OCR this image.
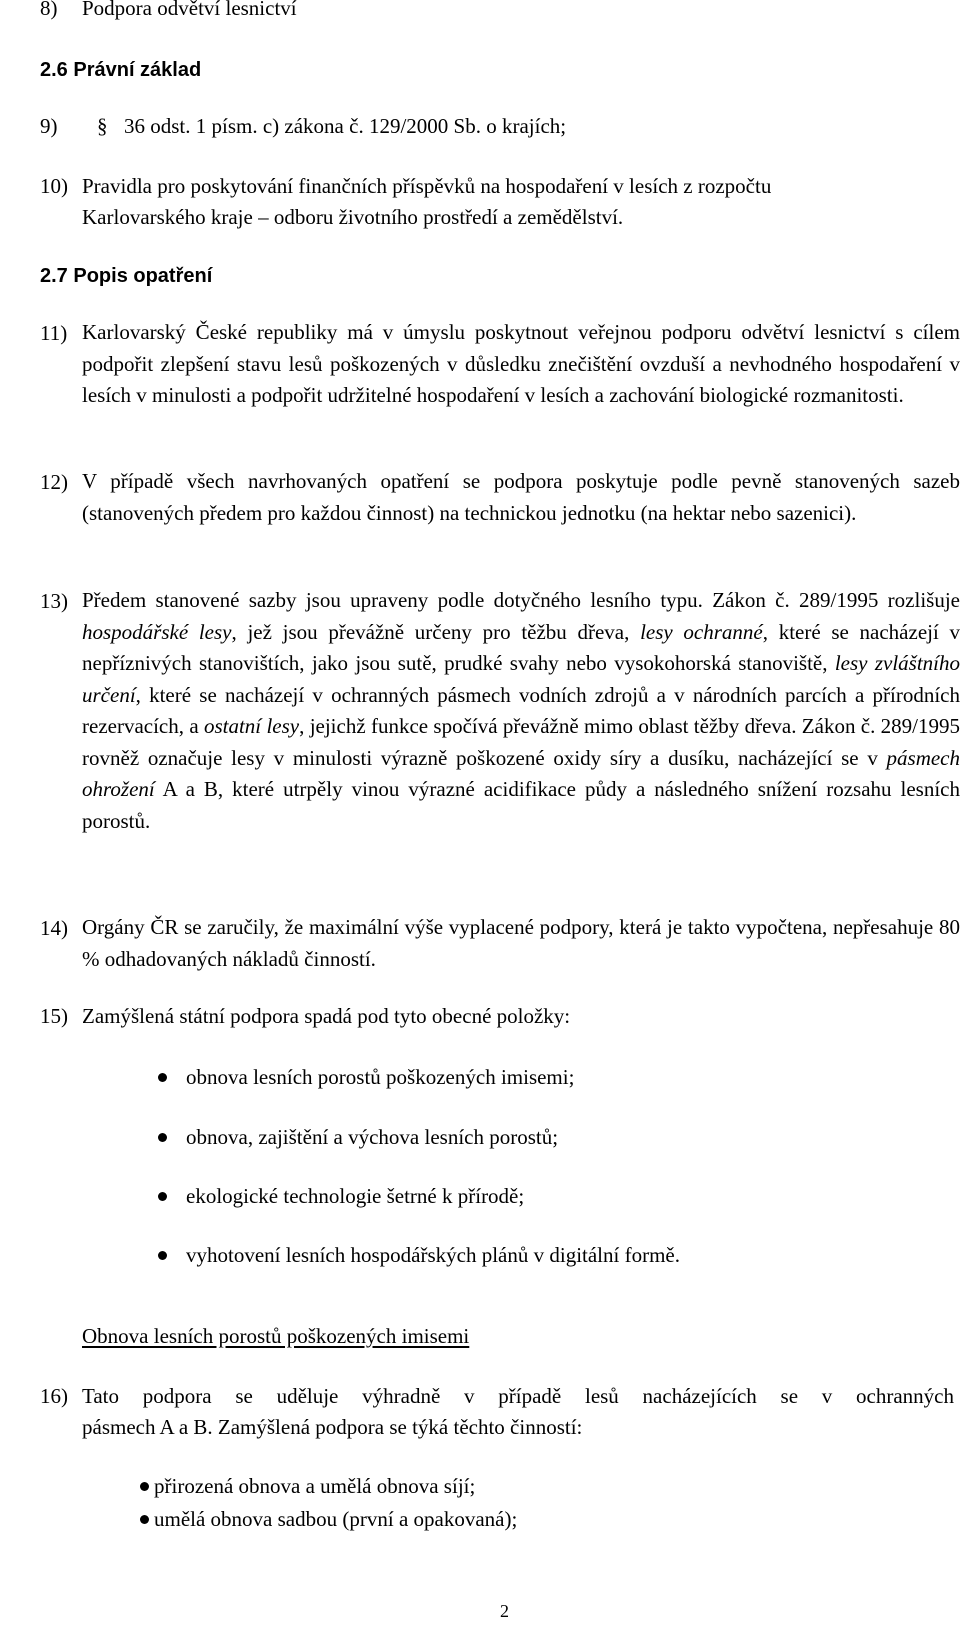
8) Podpora odvětví lesnictví
2.6 Právní základ
9) § 36 odst. 1 písm. c) zákona č. 129/2000 Sb. o krajích;
10) Pravidla pro poskytování finančních příspěvků na hospodaření v lesích z rozpočtu
Karlovarského kraje – odboru životního prostředí a zemědělství.
2.7 Popis opatření
11) Karlovarský České republiky má v úmyslu poskytnout veřejnou podporu odvětví lesnictví s cílem podpořit zlepšení stavu lesů poškozených v důsledku znečištění ovzduší a nevhodného hospodaření v lesích v minulosti a podpořit udržitelné hospodaření v lesích a zachování biologické rozmanitosti.
12) V případě všech navrhovaných opatření se podpora poskytuje podle pevně stanovených sazeb (stanovených předem pro každou činnost) na technickou jednotku (na hektar nebo sazenici).
13) Předem stanovené sazby jsou upraveny podle dotyčného lesního typu. Zákon č. 289/1995 rozlišuje hospodářské lesy, jež jsou převážně určeny pro těžbu dřeva, lesy ochranné, které se nacházejí v nepříznivých stanovištích, jako jsou sutě, prudké svahy nebo vysokohorská stanoviště, lesy zvláštního určení, které se nacházejí v ochranných pásmech vodních zdrojů a v národních parcích a přírodních rezervacích, a ostatní lesy, jejichž funkce spočívá převážně mimo oblast těžby dřeva. Zákon č. 289/1995 rovněž označuje lesy v minulosti výrazně poškozené oxidy síry a dusíku, nacházející se v pásmech ohrožení A a B, které utrpěly vinou výrazné acidifikace půdy a následného snížení rozsahu lesních porostů.
14) Orgány ČR se zaručily, že maximální výše vyplacené podpory, která je takto vypočtena, nepřesahuje 80 % odhadovaných nákladů činností.
15) Zamýšlená státní podpora spadá pod tyto obecné položky:
obnova lesních porostů poškozených imisemi;
obnova, zajištění a výchova lesních porostů;
ekologické technologie šetrné k přírodě;
vyhotovení lesních hospodářských plánů v digitální formě.
Obnova lesních porostů poškozených imisemi
16) Tato podpora se uděluje výhradně v případě lesů nacházejících se v ochranných
pásmech A a B. Zamýšlená podpora se týká těchto činností:
přirozená obnova a umělá obnova síjí;
umělá obnova sadbou (první a opakovaná);
2
